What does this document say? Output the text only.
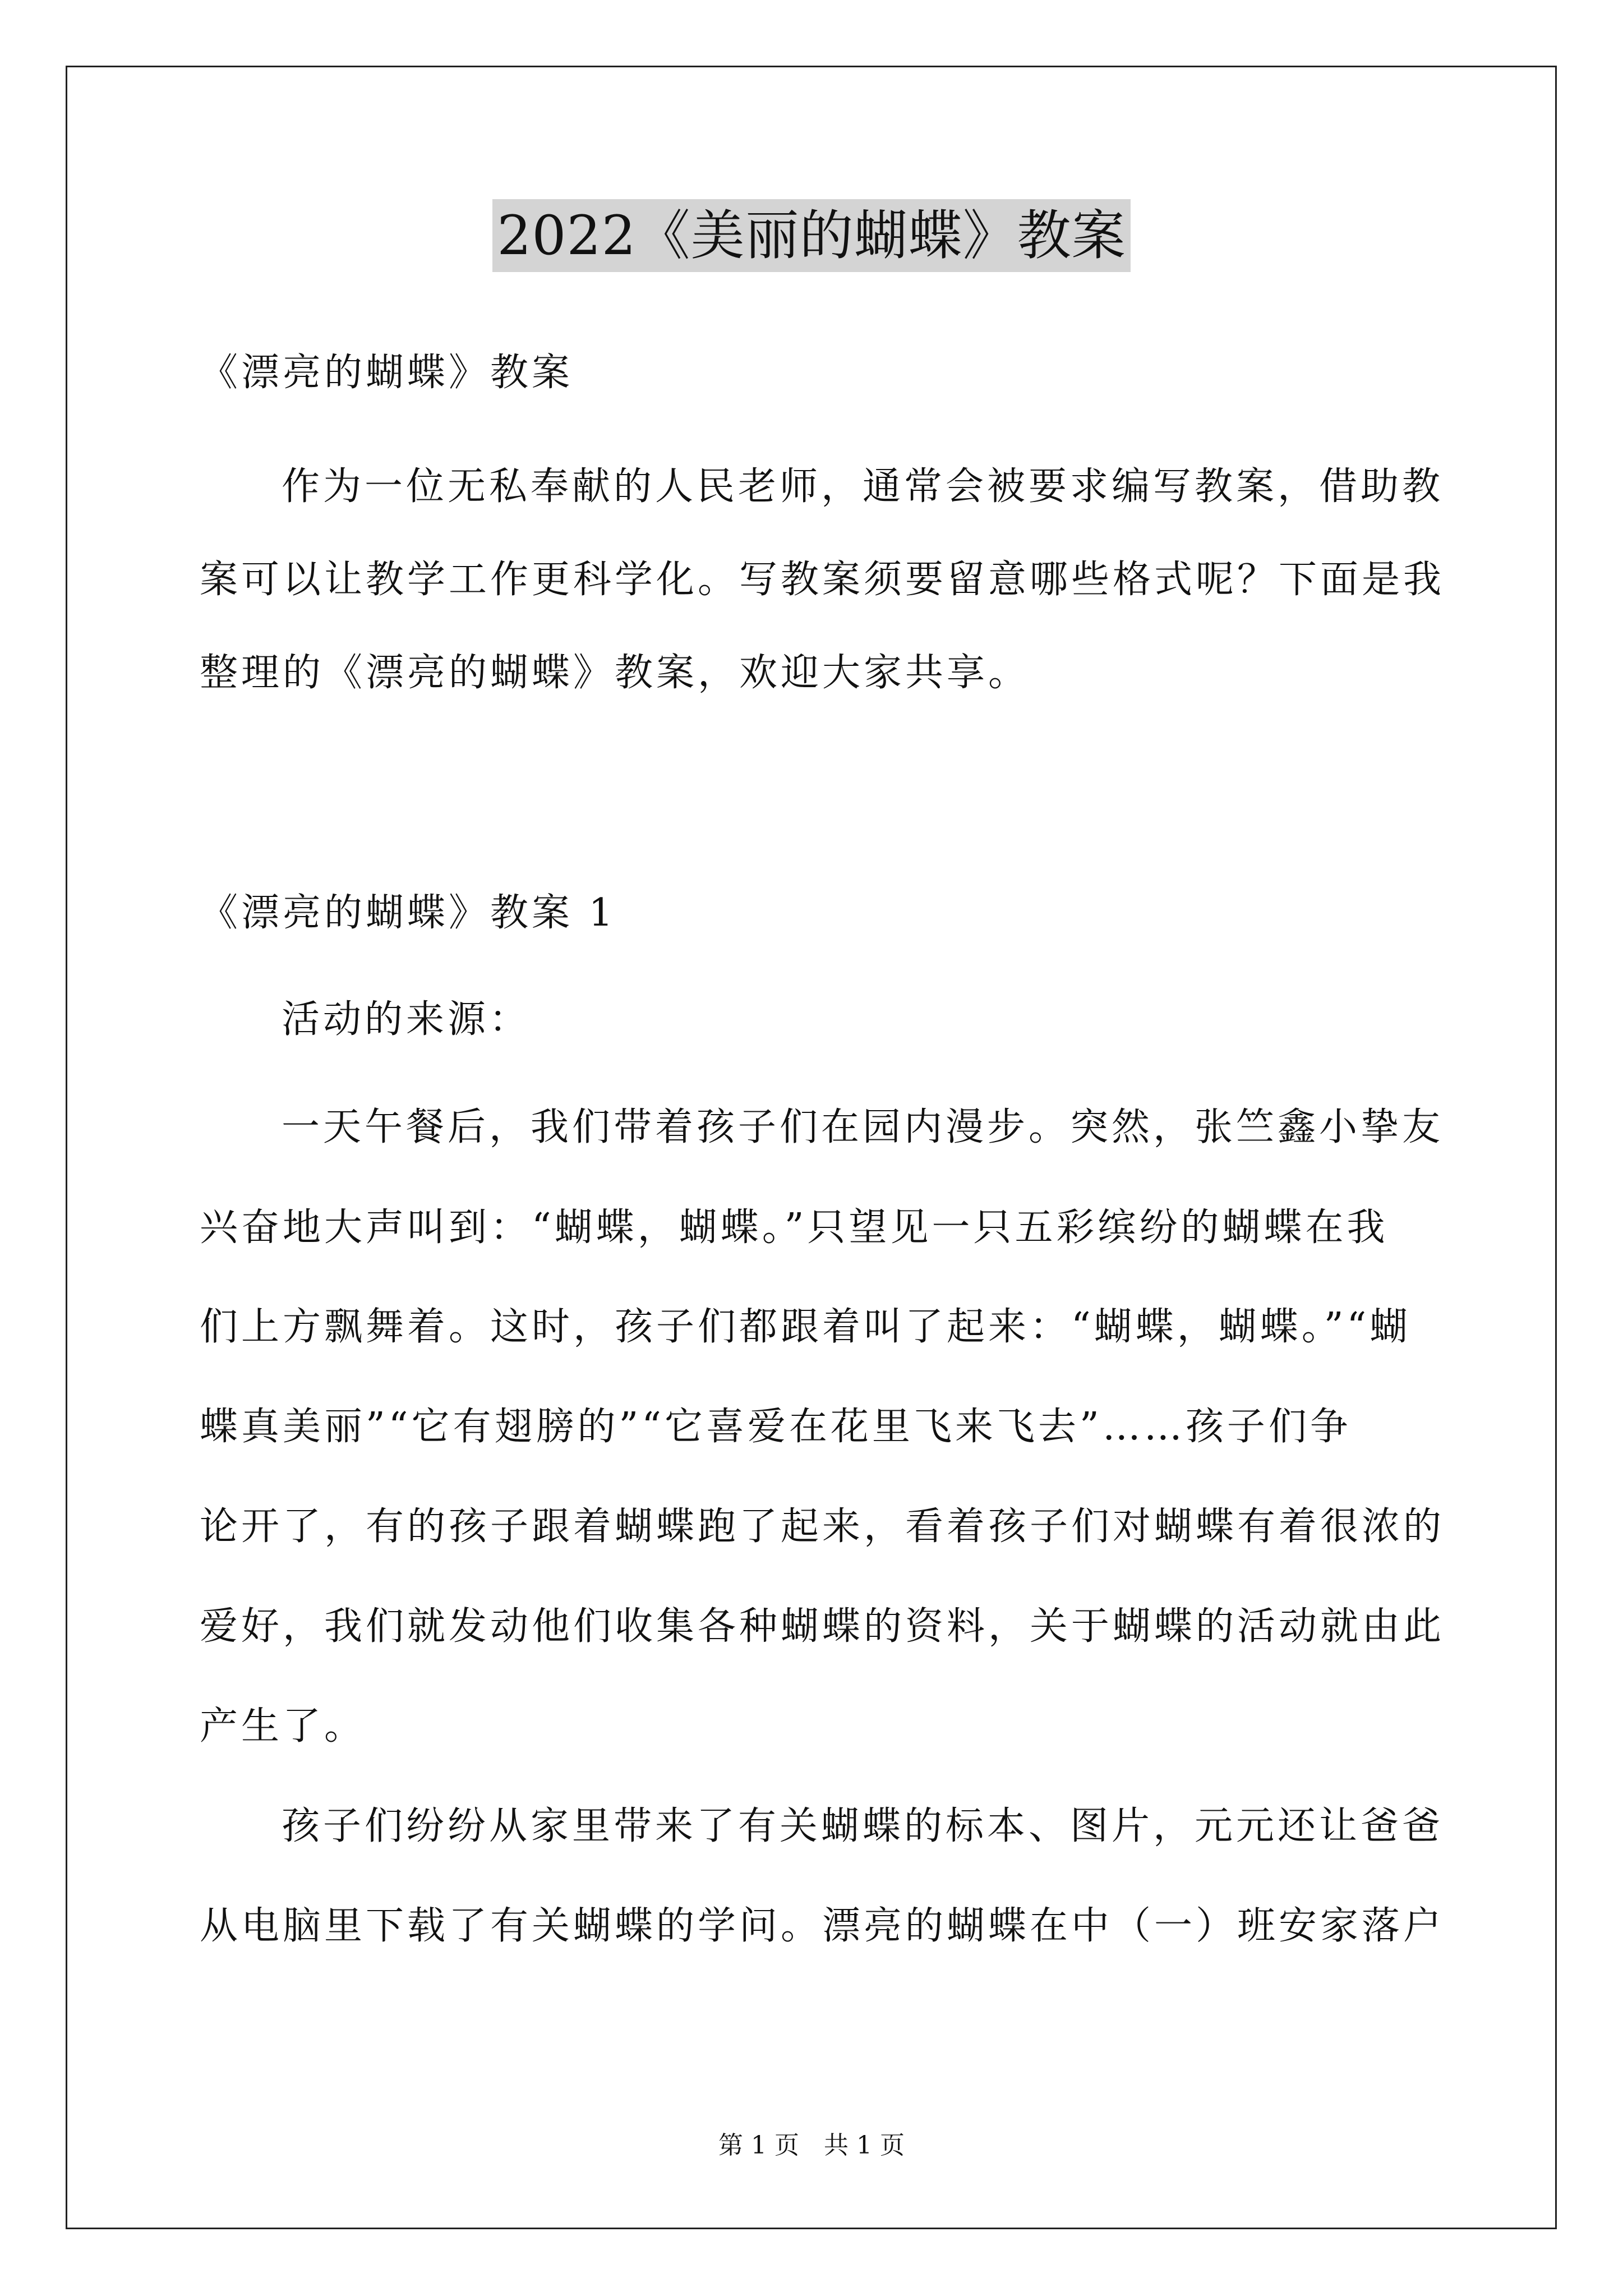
2022《美丽的蝴蝶》教案
《漂亮的蝴蝶》教案
作为一位无私奉献的人民老师，通常会被要求编写教案，借助教
案可以让教学工作更科学化。写教案须要留意哪些格式呢？下面是我
整理的《漂亮的蝴蝶》教案，欢迎大家共享。
《漂亮的蝴蝶》教案 1
活动的来源：
一天午餐后，我们带着孩子们在园内漫步。突然，张竺鑫小挚友
兴奋地大声叫到：“蝴蝶，蝴蝶。”只望见一只五彩缤纷的蝴蝶在我
们上方飘舞着。这时，孩子们都跟着叫了起来：“蝴蝶，蝴蝶。”“蝴
蝶真美丽”“它有翅膀的”“它喜爱在花里飞来飞去”……孩子们争
论开了，有的孩子跟着蝴蝶跑了起来，看着孩子们对蝴蝶有着很浓的
爱好，我们就发动他们收集各种蝴蝶的资料，关于蝴蝶的活动就由此
产生了。
孩子们纷纷从家里带来了有关蝴蝶的标本、图片，元元还让爸爸
从电脑里下载了有关蝴蝶的学问。漂亮的蝴蝶在中（一）班安家落户
第 1 页　共 1 页
